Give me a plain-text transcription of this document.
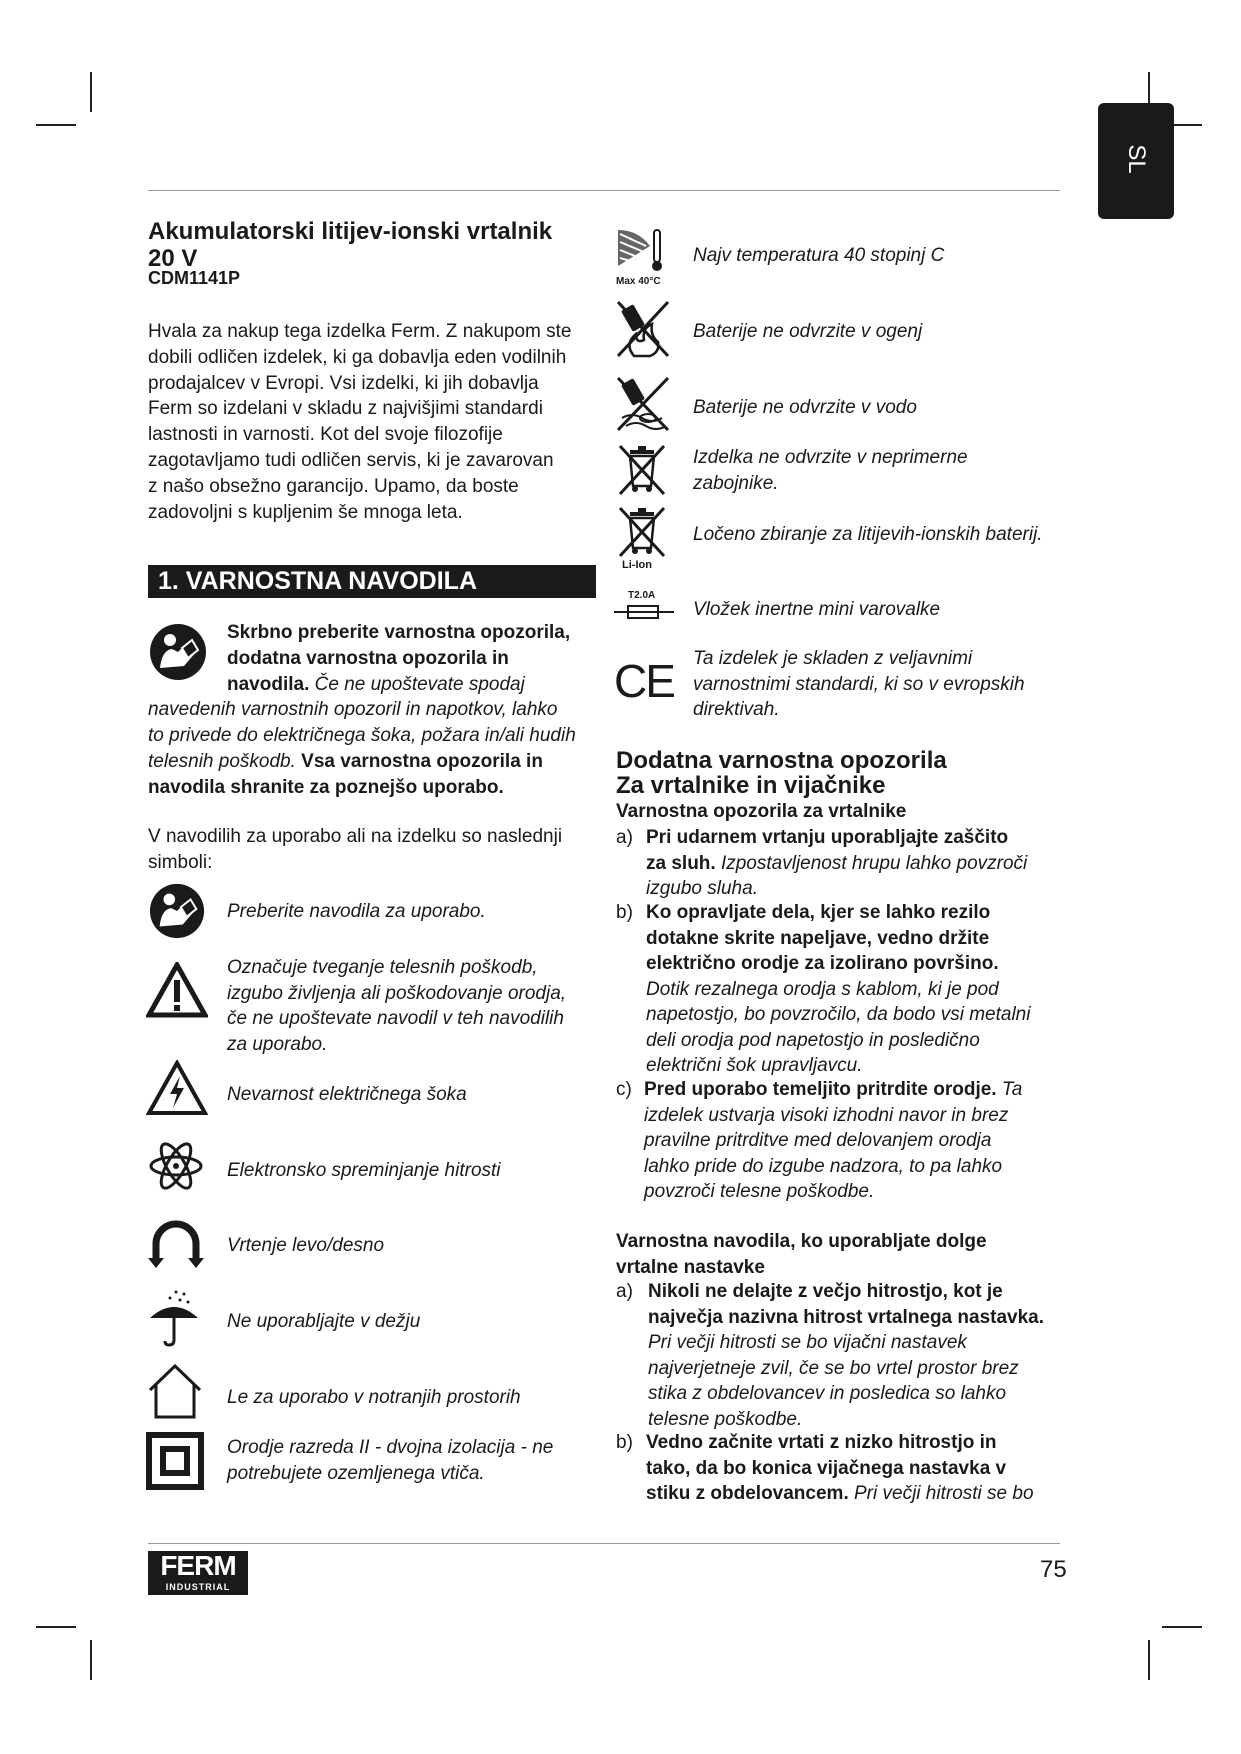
SL
Akumulatorski litijev-ionski vrtalnik
20 V
CDM1141P
Hvala za nakup tega izdelka Ferm. Z nakupom ste
dobili odličen izdelek, ki ga dobavlja eden vodilnih
prodajalcev v Evropi. Vsi izdelki, ki jih dobavlja
Ferm so izdelani v skladu z najvišjimi standardi
lastnosti in varnosti. Kot del svoje filozofije
zagotavljamo tudi odličen servis, ki je zavarovan
z našo obsežno garancijo. Upamo, da boste
zadovoljni s kupljenim še mnoga leta.
1. VARNOSTNA NAVODILA
Skrbno preberite varnostna opozorila,
dodatna varnostna opozorila in
navodila. Če ne upoštevate spodaj
navedenih varnostnih opozoril in napotkov, lahko
to privede do električnega šoka, požara in/ali hudih
telesnih poškodb. Vsa varnostna opozorila in
navodila shranite za poznejšo uporabo.
V navodilih za uporabo ali na izdelku so naslednji
simboli:
Preberite navodila za uporabo.
Označuje tveganje telesnih poškodb,
izgubo življenja ali poškodovanje orodja,
če ne upoštevate navodil v teh navodilih
za uporabo.
Nevarnost električnega šoka
Elektronsko spreminjanje hitrosti
Vrtenje levo/desno
Ne uporabljajte v dežju
Le za uporabo v notranjih prostorih
Orodje razreda II - dvojna izolacija - ne
potrebujete ozemljenega vtiča.
Max 40°C
Najv temperatura 40 stopinj C
Baterije ne odvrzite v ogenj
Baterije ne odvrzite v vodo
Izdelka ne odvrzite v neprimerne
zabojnike.
Li-Ion
Ločeno zbiranje za litijevih-ionskih baterij.
T2.0A
Vložek inertne mini varovalke
CE Ta izdelek je skladen z veljavnimi
varnostnimi standardi, ki so v evropskih
direktivah.
Dodatna varnostna opozorila
Za vrtalnike in vijačnike
Varnostna opozorila za vrtalnike
a) Pri udarnem vrtanju uporabljajte zaščito
za sluh. Izpostavljenost hrupu lahko povzroči
izgubo sluha.
b) Ko opravljate dela, kjer se lahko rezilo
dotakne skrite napeljave, vedno držite
električno orodje za izolirano površino.
Dotik rezalnega orodja s kablom, ki je pod
napetostjo, bo povzročilo, da bodo vsi metalni
deli orodja pod napetostjo in posledično
električni šok upravljavcu.
c) Pred uporabo temeljito pritrdite orodje. Ta
izdelek ustvarja visoki izhodni navor in brez
pravilne pritrditve med delovanjem orodja
lahko pride do izgube nadzora, to pa lahko
povzroči telesne poškodbe.
Varnostna navodila, ko uporabljate dolge
vrtalne nastavke
a) Nikoli ne delajte z večjo hitrostjo, kot je
največja nazivna hitrost vrtalnega nastavka.
Pri večji hitrosti se bo vijačni nastavek
najverjetneje zvil, če se bo vrtel prostor brez
stika z obdelovancev in posledica so lahko
telesne poškodbe.
b) Vedno začnite vrtati z nizko hitrostjo in
tako, da bo konica vijačnega nastavka v
stiku z obdelovancem. Pri večji hitrosti se bo
FERM
INDUSTRIAL
75
